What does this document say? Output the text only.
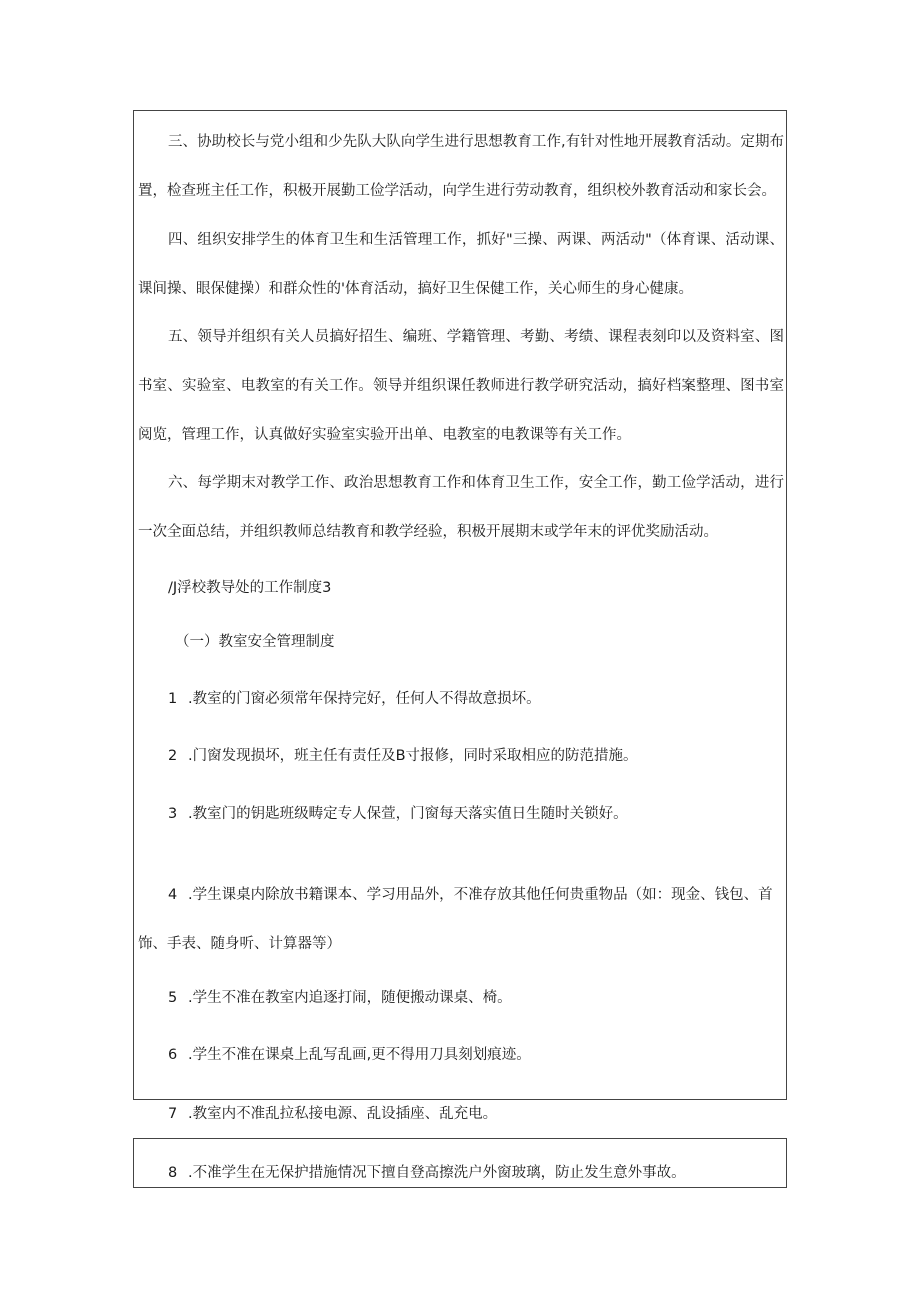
三、协助校长与党小组和少先队大队向学生进行思想教育工作,有针对性地开展教育活动。定期布置，检查班主任工作，积极开展勤工俭学活动，向学生进行劳动教育，组织校外教育活动和家长会。

四、组织安排学生的体育卫生和生活管理工作，抓好"三操、两课、两活动"（体育课、活动课、课间操、眼保健操）和群众性的'体育活动，搞好卫生保健工作，关心师生的身心健康。

五、领导并组织有关人员搞好招生、编班、学籍管理、考勤、考绩、课程表刻印以及资料室、图书室、实验室、电教室的有关工作。领导并组织课任教师进行教学研究活动，搞好档案整理、图书室阅览，管理工作，认真做好实验室实验开出单、电教室的电教课等有关工作。

六、每学期末对教学工作、政治思想教育工作和体育卫生工作，安全工作，勤工俭学活动，进行一次全面总结，并组织教师总结教育和教学经验，积极开展期末或学年末的评优奖励活动。

/J浮校教导处的工作制度3
（一）教室安全管理制度
1 .教室的门窗必须常年保持完好，任何人不得故意损坏。
2 .门窗发现损坏，班主任有责任及B寸报修，同时采取相应的防范措施。
3 .教室门的钥匙班级畴定专人保萱，门窗每天落实值日生随时关锁好。
4 .学生课桌内除放书籍课本、学习用品外，不准存放其他任何贵重物品（如：现金、钱包、首
饰、手表、随身听、计算器等）
5 .学生不准在教室内追逐打闹，随便搬动课桌、椅。
6 .学生不准在课桌上乱写乱画,更不得用刀具刻划痕迹。
7 .教室内不准乱拉私接电源、乱设插座、乱充电。
8 .不准学生在无保护措施情况下擅自登高擦洗户外窗玻璃，防止发生意外事故。
